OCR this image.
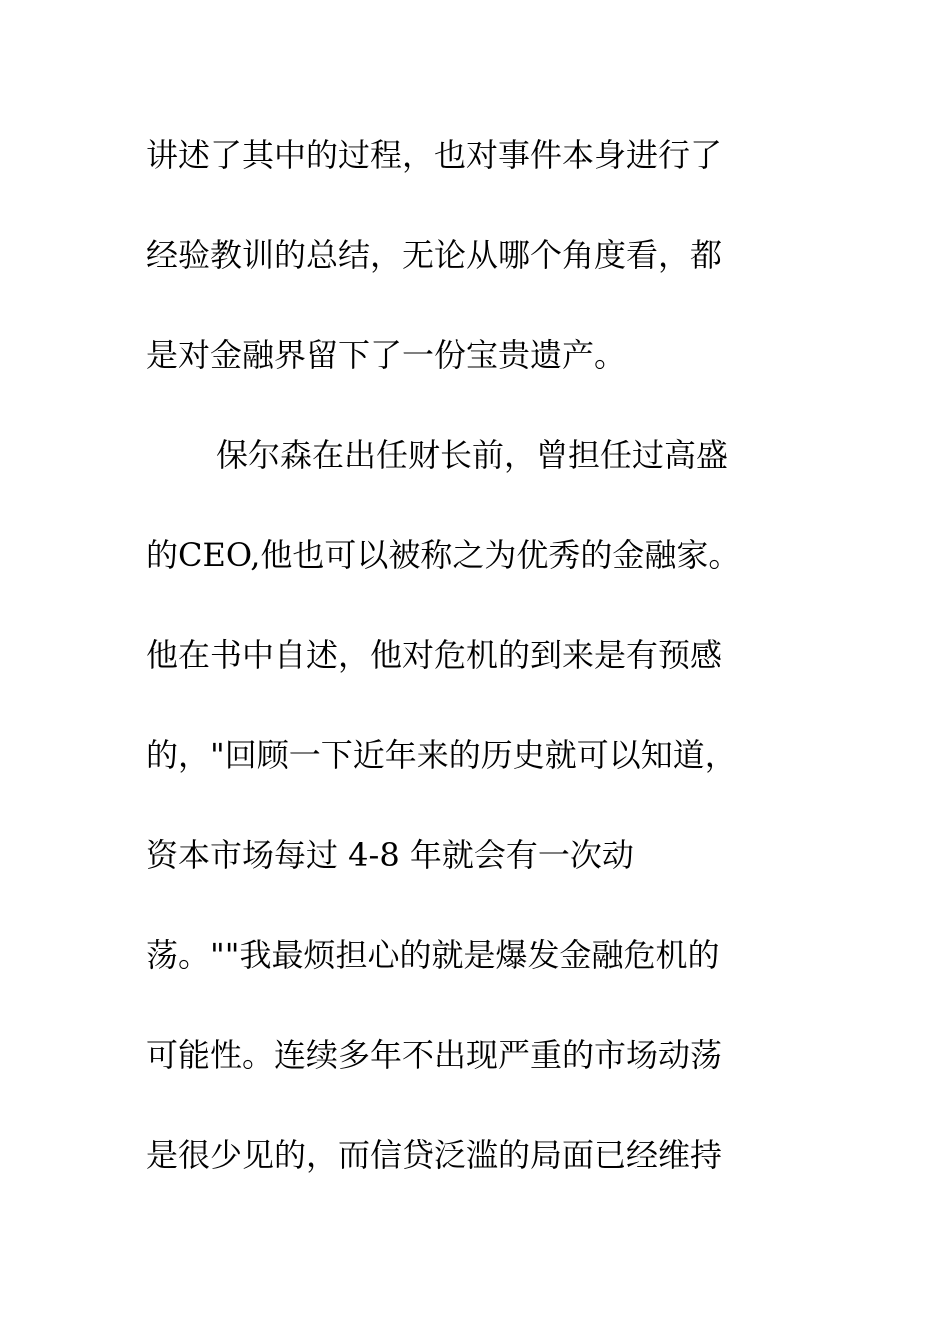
讲述了其中的过程，也对事件本身进行了
经验教训的总结，无论从哪个角度看，都
是对金融界留下了一份宝贵遗产。
保尔森在出任财长前，曾担任过高盛
的CEO,他也可以被称之为优秀的金融家。
他在书中自述，他对危机的到来是有预感
的，"回顾一下近年来的历史就可以知道，
资本市场每过 4-8 年就会有一次动
荡。""我最烦担心的就是爆发金融危机的
可能性。连续多年不出现严重的市场动荡
是很少见的，而信贷泛滥的局面已经维持
